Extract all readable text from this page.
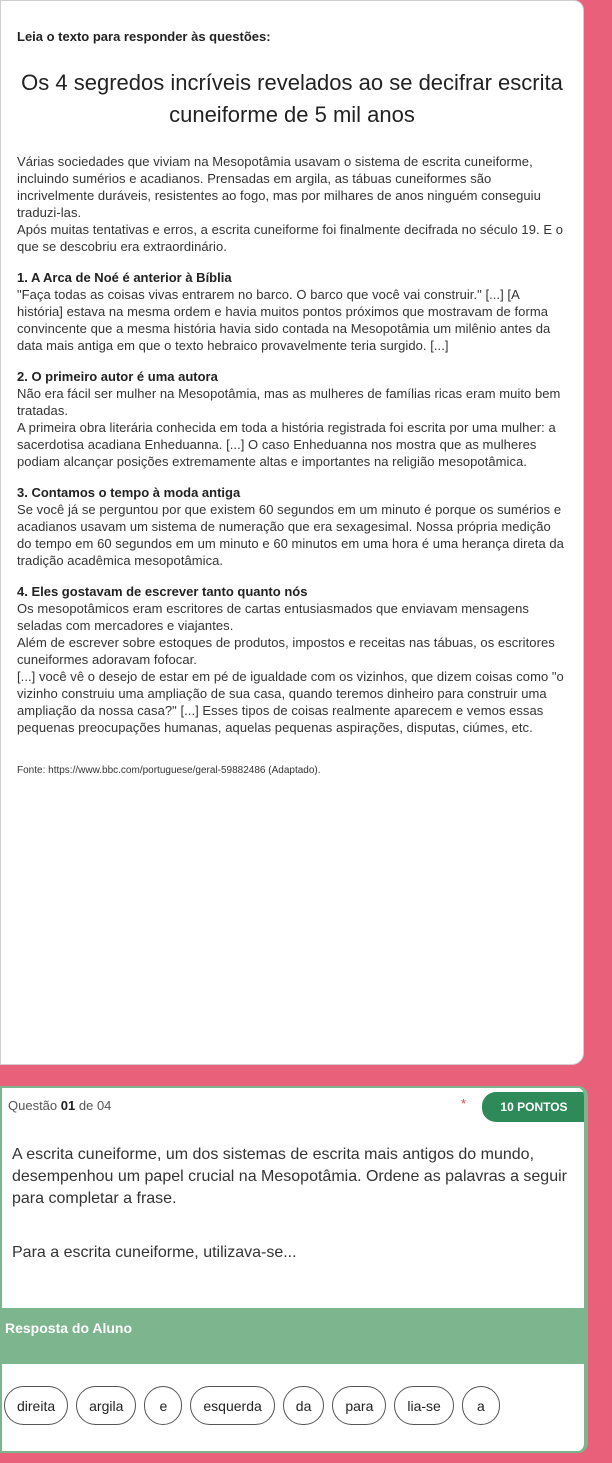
Leia o texto para responder às questões:

Os 4 segredos incríveis revelados ao se decifrar escrita cuneiforme de 5 mil anos

Várias sociedades que viviam na Mesopotâmia usavam o sistema de escrita cuneiforme, incluindo sumérios e acadianos. Prensadas em argila, as tábuas cuneiformes são incrivelmente duráveis, resistentes ao fogo, mas por milhares de anos ninguém conseguiu traduzi-las.

Após muitas tentativas e erros, a escrita cuneiforme foi finalmente decifrada no século 19. E o que se descobriu era extraordinário.

1. A Arca de Noé é anterior à Bíblia

"Faça todas as coisas vivas entrarem no barco. O barco que você vai construir." [...] [A história] estava na mesma ordem e havia muitos pontos próximos que mostravam de forma convincente que a mesma história havia sido contada na Mesopotâmia um milênio antes da data mais antiga em que o texto hebraico provavelmente teria surgido. [...]

2. O primeiro autor é uma autora

Não era fácil ser mulher na Mesopotâmia, mas as mulheres de famílias ricas eram muito bem tratadas.

A primeira obra literária conhecida em toda a história registrada foi escrita por uma mulher: a sacerdotisa acadiana Enheduanna. [...] O caso Enheduanna nos mostra que as mulheres podiam alcançar posições extremamente altas e importantes na religião mesopotâmica.

3. Contamos o tempo à moda antiga

Se você já se perguntou por que existem 60 segundos em um minuto é porque os sumérios e acadianos usavam um sistema de numeração que era sexagesimal. Nossa própria medição do tempo em 60 segundos em um minuto e 60 minutos em uma hora é uma herança direta da tradição acadêmica mesopotâmica.

4. Eles gostavam de escrever tanto quanto nós

Os mesopotâmicos eram escritores de cartas entusiasmados que enviavam mensagens seladas com mercadores e viajantes.

Além de escrever sobre estoques de produtos, impostos e receitas nas tábuas, os escritores cuneiformes adoravam fofocar.

[...] você vê o desejo de estar em pé de igualdade com os vizinhos, que dizem coisas como "o vizinho construiu uma ampliação de sua casa, quando teremos dinheiro para construir uma ampliação da nossa casa?" [...] Esses tipos de coisas realmente aparecem e vemos essas pequenas preocupações humanas, aquelas pequenas aspirações, disputas, ciúmes, etc.

Fonte: https://www.bbc.com/portuguese/geral-59882486 (Adaptado).

Questão 01 de 04	*	10 PONTOS

A escrita cuneiforme, um dos sistemas de escrita mais antigos do mundo, desempenhou um papel crucial na Mesopotâmia. Ordene as palavras a seguir para completar a frase.

Para a escrita cuneiforme, utilizava-se...

Resposta do Aluno
direita	argila	e	esquerda	da	para	lia-se	a
